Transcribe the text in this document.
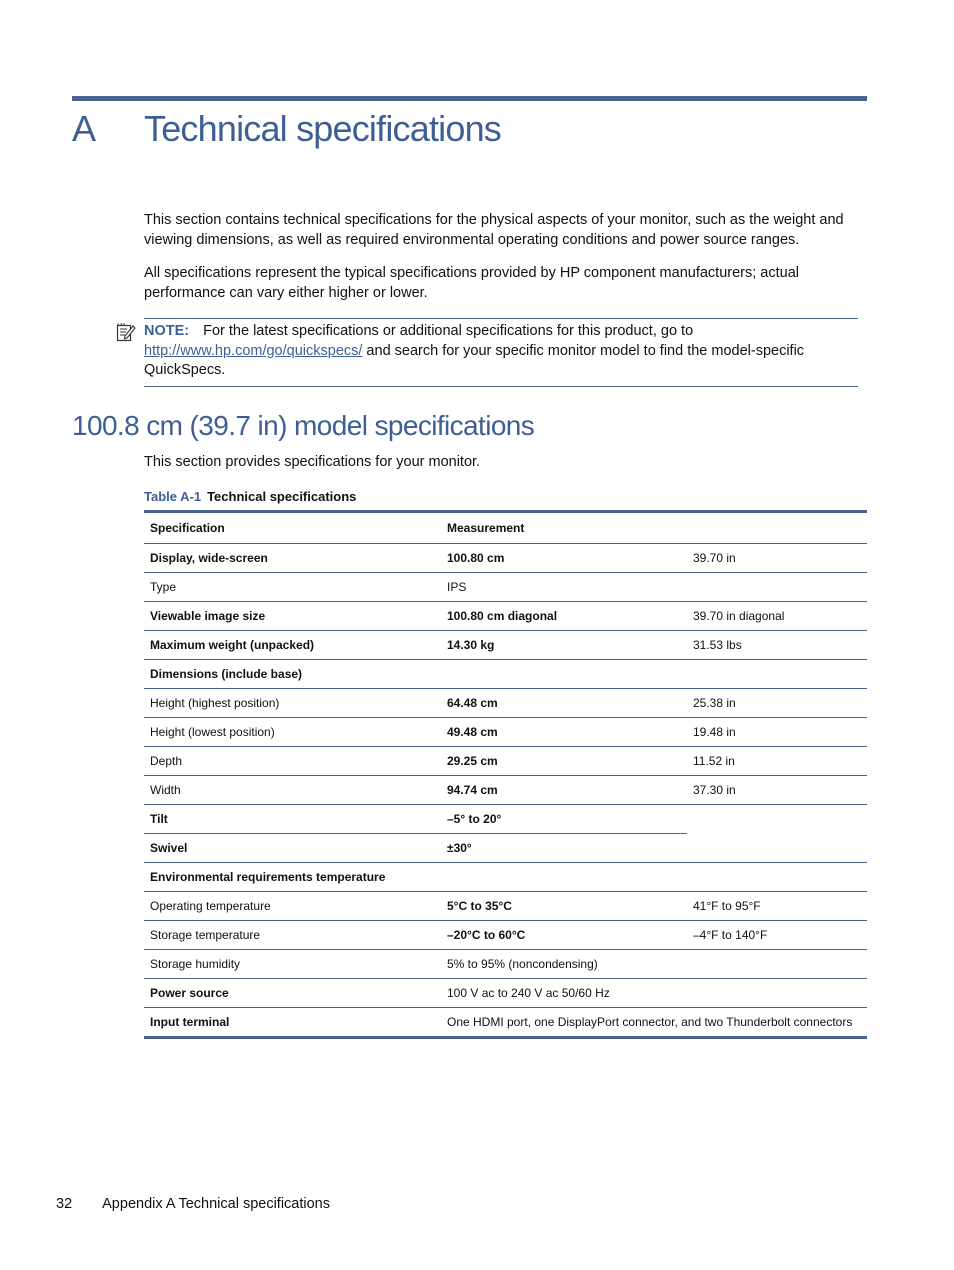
A Technical specifications
This section contains technical specifications for the physical aspects of your monitor, such as the weight and viewing dimensions, as well as required environmental operating conditions and power source ranges.
All specifications represent the typical specifications provided by HP component manufacturers; actual performance can vary either higher or lower.
NOTE: For the latest specifications or additional specifications for this product, go to
http://www.hp.com/go/quickspecs/ and search for your specific monitor model to find the model-specific QuickSpecs.
100.8 cm (39.7 in) model specifications
This section provides specifications for your monitor.
Table A-1 Technical specifications
Specification	Measurement	
Display, wide-screen	100.80 cm	39.70 in
Type	IPS	
Viewable image size	100.80 cm diagonal	39.70 in diagonal
Maximum weight (unpacked)	14.30 kg	31.53 lbs
Dimensions (include base)		
Height (highest position)	64.48 cm	25.38 in
Height (lowest position)	49.48 cm	19.48 in
Depth	29.25 cm	11.52 in
Width	94.74 cm	37.30 in
Tilt	–5° to 20°	
Swivel	±30°	
Environmental requirements temperature		
Operating temperature	5°C to 35°C	41°F to 95°F
Storage temperature	–20°C to 60°C	–4°F to 140°F
Storage humidity	5% to 95% (noncondensing)	
Power source	100 V ac to 240 V ac 50/60 Hz	
Input terminal	One HDMI port, one DisplayPort connector, and two Thunderbolt connectors	
32 Appendix A Technical specifications
